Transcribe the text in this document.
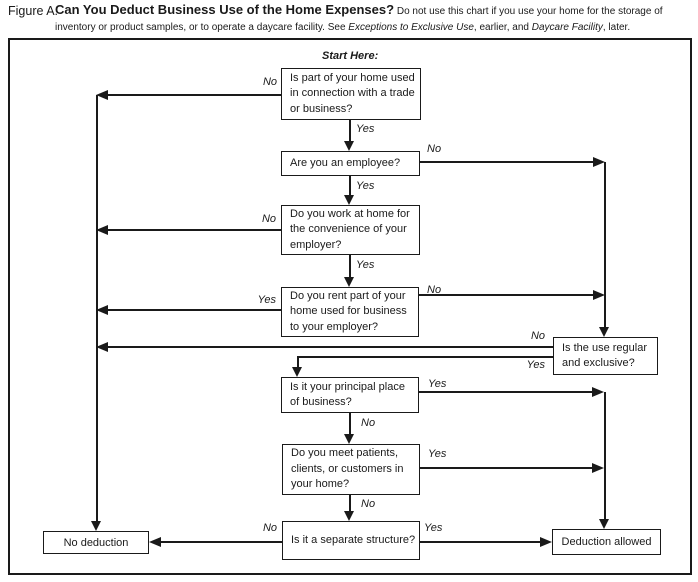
Figure A.
Can You Deduct Business Use of the Home Expenses? Do not use this chart if you use your home for the storage of inventory or product samples, or to operate a daycare facility. See Exceptions to Exclusive Use, earlier, and Daycare Facility, later.
Start Here:
Is part of your home used in connection with a trade or business?
Are you an employee?
Do you work at home for the convenience of your employer?
Do you rent part of your home used for business to your employer?
Is the use regular and exclusive?
Is it your principal place of business?
Do you meet patients, clients, or customers in your home?
Is it a separate structure?
No deduction	Deduction allowed
No
Yes
No
Yes
No
Yes
Yes
No
No
Yes
Yes
No
Yes
No
No	Yes
